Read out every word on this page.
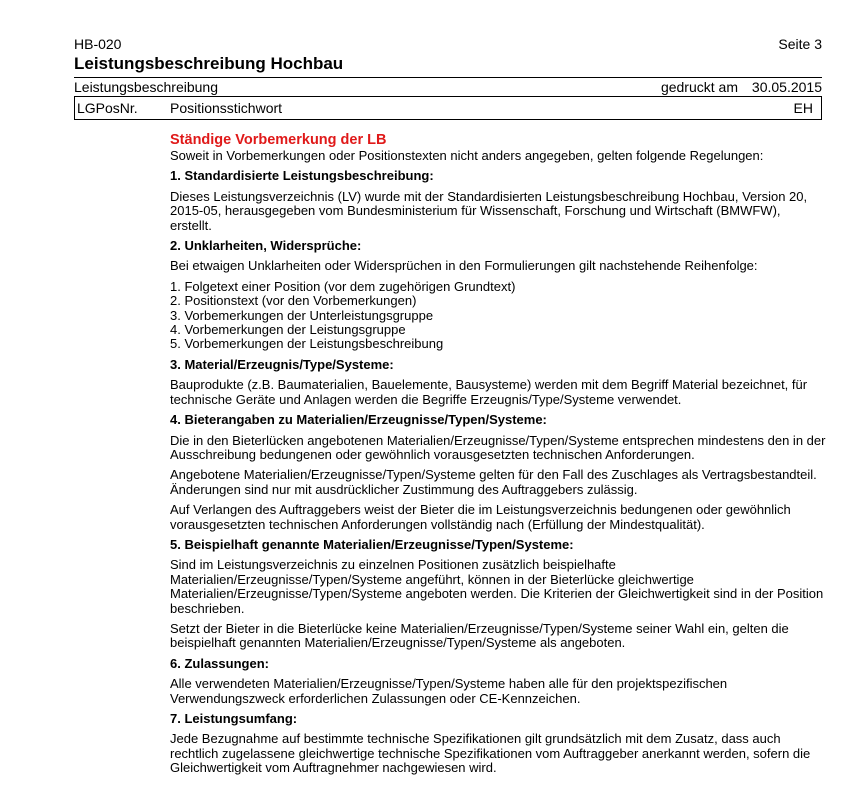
HB-020	Seite 3
Leistungsbeschreibung Hochbau
Leistungsbeschreibung	gedruckt am 30.05.2015
LGPosNr. Positionsstichwort	EH

Ständige Vorbemerkung der LB

Soweit in Vorbemerkungen oder Positionstexten nicht anders angegeben, gelten folgende Regelungen:

1. Standardisierte Leistungsbeschreibung:

Dieses Leistungsverzeichnis (LV) wurde mit der Standardisierten Leistungsbeschreibung Hochbau, Version 20, 2015-05, herausgegeben vom Bundesministerium für Wissenschaft, Forschung und Wirtschaft (BMWFW), erstellt.

2. Unklarheiten, Widersprüche:

Bei etwaigen Unklarheiten oder Widersprüchen in den Formulierungen gilt nachstehende Reihenfolge:

1. Folgetext einer Position (vor dem zugehörigen Grundtext)
2. Positionstext (vor den Vorbemerkungen)
3. Vorbemerkungen der Unterleistungsgruppe
4. Vorbemerkungen der Leistungsgruppe
5. Vorbemerkungen der Leistungsbeschreibung

3. Material/Erzeugnis/Type/Systeme:

Bauprodukte (z.B. Baumaterialien, Bauelemente, Bausysteme) werden mit dem Begriff Material bezeichnet, für technische Geräte und Anlagen werden die Begriffe Erzeugnis/Type/Systeme verwendet.

4. Bieterangaben zu Materialien/Erzeugnisse/Typen/Systeme:

Die in den Bieterlücken angebotenen Materialien/Erzeugnisse/Typen/Systeme entsprechen mindestens den in der Ausschreibung bedungenen oder gewöhnlich vorausgesetzten technischen Anforderungen.

Angebotene Materialien/Erzeugnisse/Typen/Systeme gelten für den Fall des Zuschlages als Vertragsbestandteil. Änderungen sind nur mit ausdrücklicher Zustimmung des Auftraggebers zulässig.

Auf Verlangen des Auftraggebers weist der Bieter die im Leistungsverzeichnis bedungenen oder gewöhnlich vorausgesetzten technischen Anforderungen vollständig nach (Erfüllung der Mindestqualität).

5. Beispielhaft genannte Materialien/Erzeugnisse/Typen/Systeme:

Sind im Leistungsverzeichnis zu einzelnen Positionen zusätzlich beispielhafte Materialien/Erzeugnisse/Typen/Systeme angeführt, können in der Bieterlücke gleichwertige Materialien/Erzeugnisse/Typen/Systeme angeboten werden. Die Kriterien der Gleichwertigkeit sind in der Position beschrieben.

Setzt der Bieter in die Bieterlücke keine Materialien/Erzeugnisse/Typen/Systeme seiner Wahl ein, gelten die beispielhaft genannten Materialien/Erzeugnisse/Typen/Systeme als angeboten.

6. Zulassungen:

Alle verwendeten Materialien/Erzeugnisse/Typen/Systeme haben alle für den projektspezifischen Verwendungszweck erforderlichen Zulassungen oder CE-Kennzeichen.

7. Leistungsumfang:

Jede Bezugnahme auf bestimmte technische Spezifikationen gilt grundsätzlich mit dem Zusatz, dass auch rechtlich zugelassene gleichwertige technische Spezifikationen vom Auftraggeber anerkannt werden, sofern die Gleichwertigkeit vom Auftragnehmer nachgewiesen wird.
